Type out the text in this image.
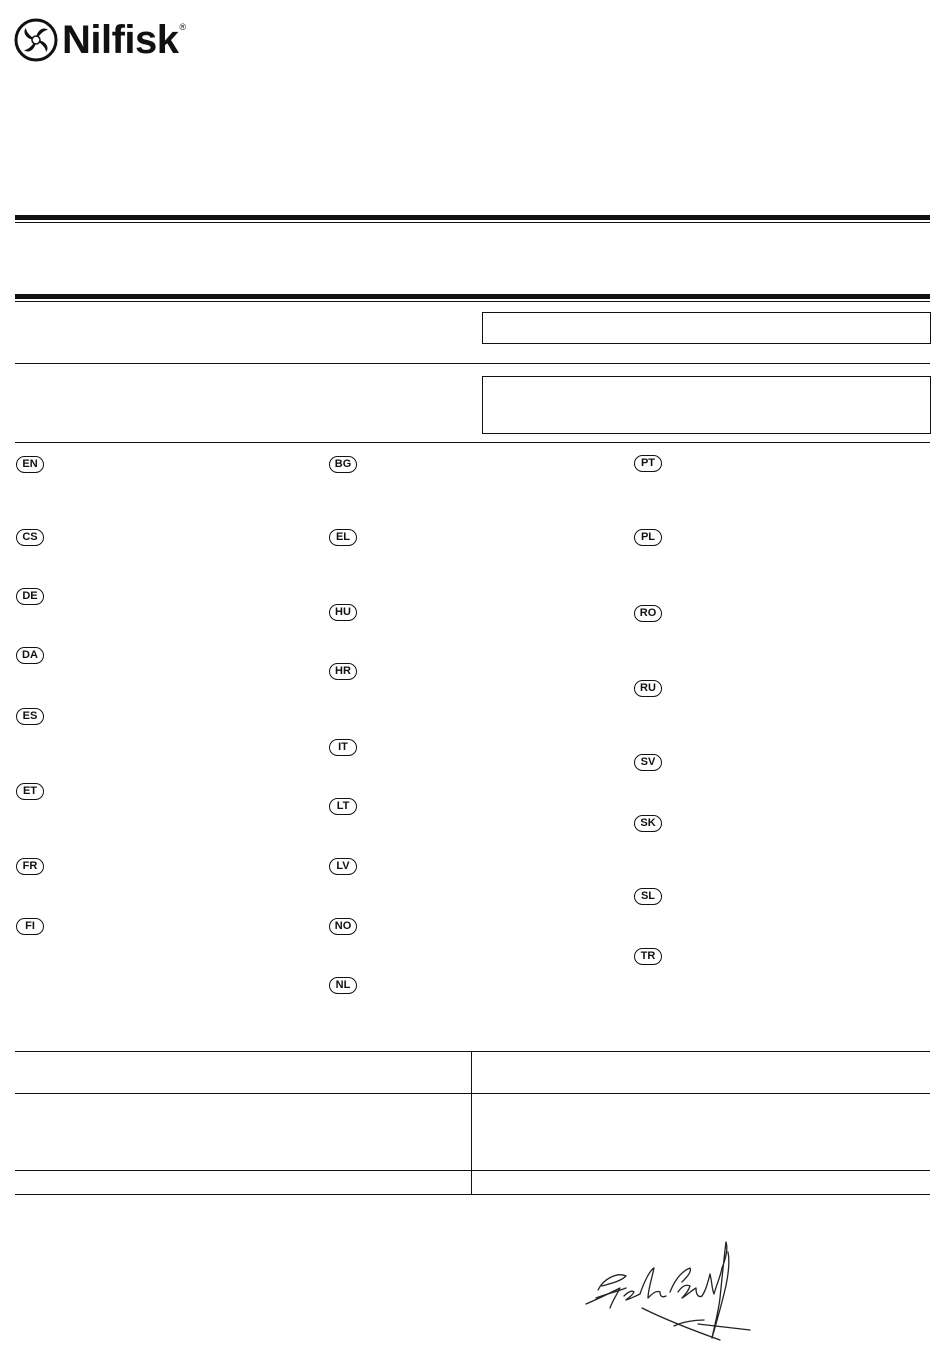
Nilfisk ®
EN
CS
DE
DA
ES
ET
FR
FI
BG
EL
HU
HR
IT
LT
LV
NO
NL
PT
PL
RO
RU
SV
SK
SL
TR
